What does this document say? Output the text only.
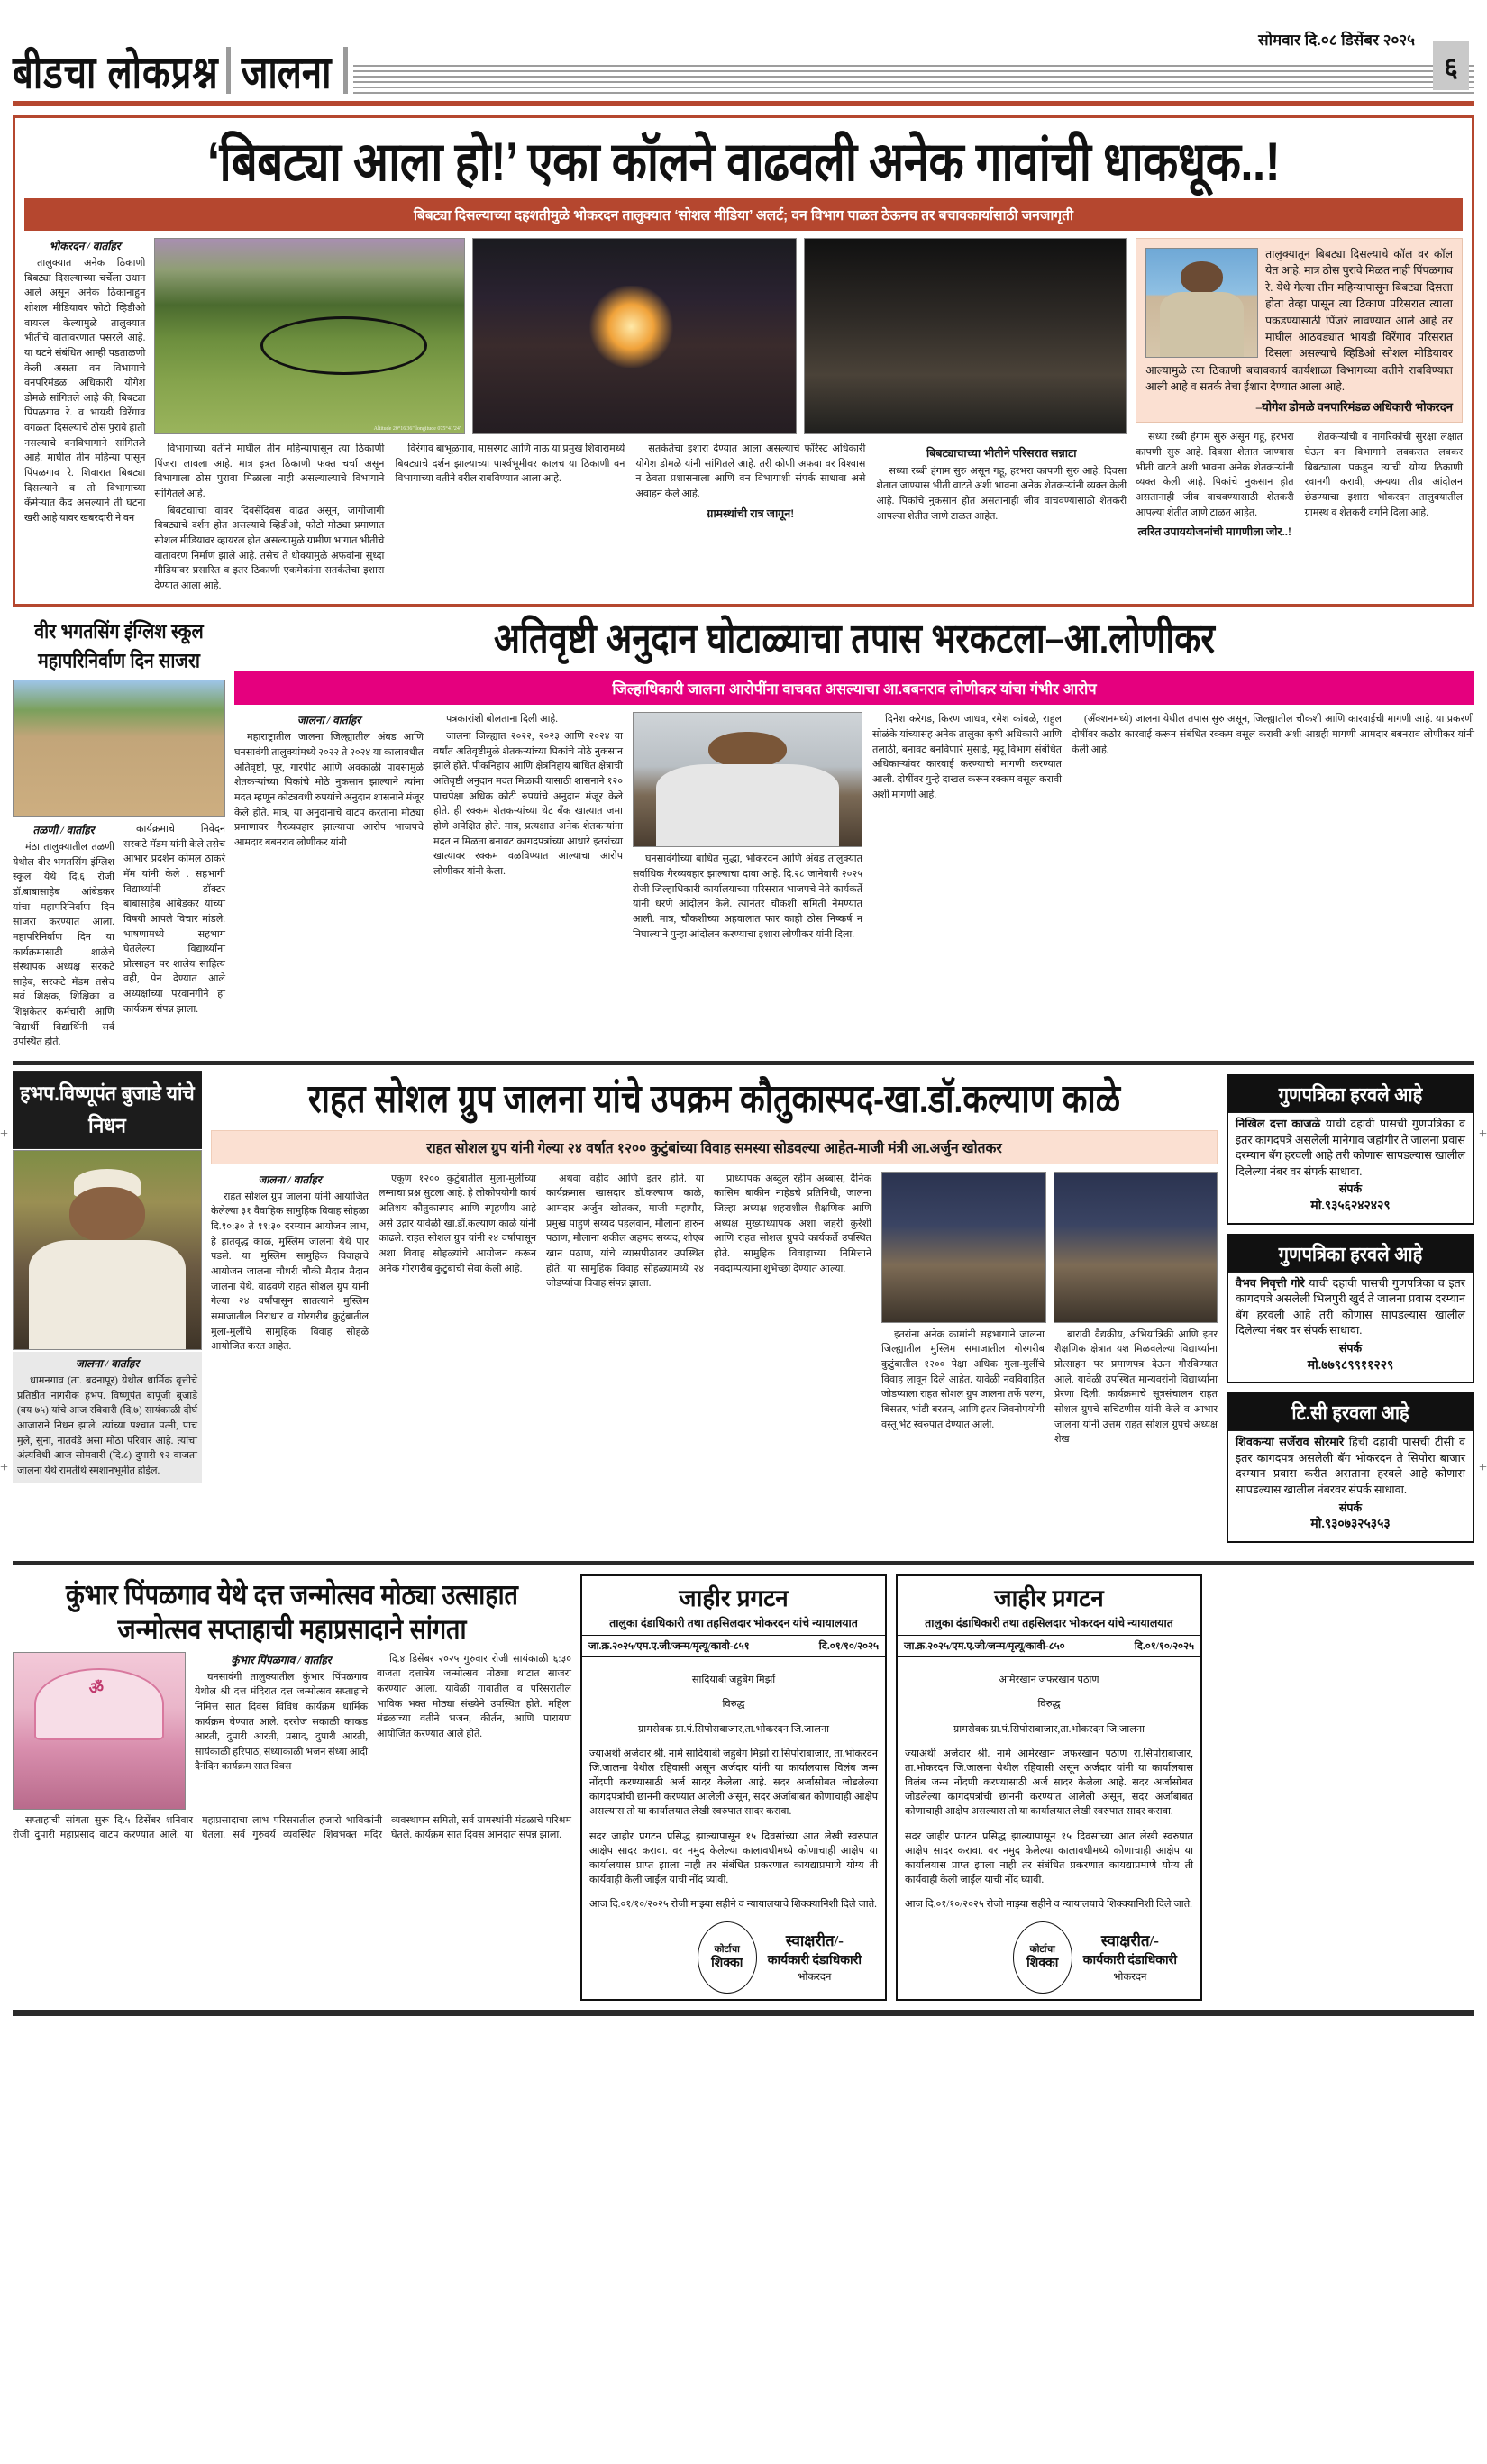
बीडचा लोकप्रश्न जालना
सोमवार दि.०८ डिसेंबर २०२५
६
‘बिबट्या आला हो!’ एका कॉलने वाढवली अनेक गावांची धाकधूक..!
बिबट्या दिसल्याच्या दहशतीमुळे भोकरदन तालुक्यात ‘सोशल मीडिया’ अलर्ट; वन विभाग पाळत ठेऊनच तर बचावकार्यासाठी जनजागृती
भोकरदन / वार्ताहर

तालुक्यात अनेक ठिकाणी बिबट्या दिसल्याच्या चर्चेला उधान आले असून अनेक ठिकानाहुन शोशल मीडियावर फोटो व्हिडीओ वायरल केल्यामुळे तालुक्यात भीतीचे वातावरणात पसरले आहे. या घटने संबंधित आम्ही पडताळणी केली असता वन विभागाचे वनपरिमंडळ अधिकारी योगेश डोमळे सांगितले आहे की, बिबट्या पिंपळगाव रे. व भायडी विरेंगाव वगळता दिसल्याचे ठोस पुरावे हाती नसल्याचे वनविभागाने सांगितले आहे. माघील तीन महिन्या पासून पिंपळगाव रे. शिवारात बिबट्या दिसल्याने व तो विभागाच्या कॅमेऱ्यात कैद असल्याने ती घटना खरी आहे यावर खबरदारी ने वन

Altitude 20°16'36" longitude 075°41'24"

विभागाच्या वतीने माघील तीन महिन्यापासून त्या ठिकाणी पिंजरा लावला आहे. मात्र इत्रत ठिकाणी फक्त चर्चा असून विभागाला ठोस पुरावा मिळाला नाही असल्याल्याचे विभागाने सांगितले आहे.

बिबटचााचा वावर दिवसेंदिवस वाढत असून, जागोजागी बिबट्याचे दर्शन होत असल्याचे व्हिडीओ, फोटो मोठ्या प्रमाणात सोशल मीडियावर व्हायरल होत असल्यामुळे ग्रामीण भागात भीतीचे वातावरण निर्माण झाले आहे. तसेच ते धोक्यामुळे अफवांना सुध्दा मीडियावर प्रसारित व इतर ठिकाणी एकमेकांना सतर्कतेचा इशारा देण्यात आला आहे.

विरंगाव बाभूळगाव, मासरगट आणि नाऊ या प्रमुख शिवारामध्ये बिबट्याचे दर्शन झाल्याच्या पार्श्वभूमीवर कालच या ठिकाणी वन विभागाच्या वतीने वरील राबविण्यात आला आहे.

सतर्कतेचा इशारा देण्यात आला असल्याचे फॉरेस्ट अधिकारी योगेश डोमळे यांनी सांगितले आहे. तरी कोणी अफवा वर विश्वास न ठेवता प्रशासनाला आणि वन विभागाशी संपर्क साधावा असे अवाहन केले आहे.

ग्रामस्थांची रात्र जागून!
बिबट्याचाच्या भीतीने परिसरात सन्नाटा

सध्या रब्बी हंगाम सुरु असून गहू, हरभरा कापणी सुरु आहे. दिवसा शेतात जाण्यास भीती वाटते अशी भावना अनेक शेतकऱ्यांनी व्यक्त केली आहे. पिकांचे नुकसान होत असतानाही जीव वाचवण्यासाठी शेतकरी आपल्या शेतीत जाणे टाळत आहेत.

तालुक्यातून बिबट्या दिसल्याचे कॉल वर कॉल येत आहे. मात्र ठोस पुरावे मिळत नाही पिंपळगाव रे. येथे गेल्या तीन महिन्यापासून बिबट्या दिसला होता तेव्हा पासून त्या ठिकाण परिसरात त्याला पकडण्यासाठी पिंजरे लावण्यात आले आहे तर माघील आठवड्यात भायडी विरेंगाव परिसरात दिसला असल्याचे व्हिडिओ सोशल मीडियावर आल्यामुळे त्या ठिकाणी बचावकार्य कार्यशाळा विभागच्या वतीने राबविण्यात आली आहे व सतर्क तेचा ईशारा देण्यात आला आहे.
–योगेश डोमळे वनपारिमंडळ अधिकारी भोकरदन

सध्या रब्बी हंगाम सुरु असून गहू, हरभरा कापणी सुरु आहे. दिवसा शेतात जाण्यास भीती वाटते अशी भावना अनेक शेतकऱ्यांनी व्यक्त केली आहे. पिकांचे नुकसान होत असतानाही जीव वाचवण्यासाठी शेतकरी आपल्या शेतीत जाणे टाळत आहेत.

त्वरित उपाययोजनांची मागणीला जोर..!

शेतकऱ्यांची व नागरिकांची सुरक्षा लक्षात घेऊन वन विभागाने लवकरात लवकर बिबट्याला पकडून त्याची योग्य ठिकाणी रवानगी करावी, अन्यथा तीव्र आंदोलन छेडण्याचा इशारा भोकरदन तालुक्यातील ग्रामस्थ व शेतकरी वर्गाने दिला आहे.

वीर भगतसिंग इंग्लिश स्कूल महापरिनिर्वाण दिन साजरा
तळणी / वार्ताहर

मंठा तालुक्यातील तळणी येथील वीर भगतसिंग इंग्लिश स्कूल येथे दि.६ रोजी डॉ.बाबासाहेब आंबेडकर यांचा महापरिनिर्वाण दिन साजरा करण्यात आला. महापरिनिर्वाण दिन या कार्यक्रमासाठी शाळेचे संस्थापक अध्यक्ष सरकटे साहेब, सरकटे मॅडम तसेच सर्व शिक्षक, शिक्षिका व शिक्षकेतर कर्मचारी आणि विद्यार्थी विद्यार्थिनी सर्व उपस्थित होते.

कार्यक्रमाचे निवेदन सरकटे मॅडम यांनी केले तसेच आभार प्रदर्शन कोमल ठाकरे मॅम यांनी केले . सहभागी विद्यार्थ्यांनी डॉक्टर बाबासाहेब आंबेडकर यांच्या विषयी आपले विचार मांडले. भाषणामध्ये सहभाग घेतलेल्या विद्यार्थ्यांना प्रोत्साहन पर शालेय साहित्य वही, पेन देण्यात आले अध्यक्षांच्या परवानगीने हा कार्यक्रम संपन्न झाला.

अतिवृष्टी अनुदान घोटाळ्याचा तपास भरकटला–आ.लोणीकर
जिल्हाधिकारी जालना आरोपींना वाचवत असल्याचा आ.बबनराव लोणीकर यांचा गंभीर आरोप
जालना / वार्ताहर

महाराष्ट्रातील जालना जिल्ह्यातील अंबड आणि घनसावंगी तालुक्यांमध्ये २०२२ ते २०२४ या कालावधीत अतिवृष्टी, पूर, गारपीट आणि अवकाळी पावसामुळे शेतकऱ्यांच्या पिकांचे मोठे नुकसान झाल्याने त्यांना मदत म्हणून कोट्यवधी रुपयांचे अनुदान शासनाने मंजूर केले होते. मात्र, या अनुदानाचे वाटप करताना मोठ्या प्रमाणावर गैरव्यवहार झाल्याचा आरोप भाजपचे आमदार बबनराव लोणीकर यांनी

पत्रकारांशी बोलताना दिली आहे.

जालना जिल्ह्यात २०२२, २०२३ आणि २०२४ या वर्षांत अतिवृष्टीमुळे शेतकऱ्यांच्या पिकांचे मोठे नुकसान झाले होते. पीकनिहाय आणि क्षेत्रनिहाय बाधित क्षेत्राची अतिवृष्टी अनुदान मदत मिळावी यासाठी शासनाने १२० पाचपेक्षा अधिक कोटी रुपयांचे अनुदान मंजूर केले होते. ही रक्कम शेतकऱ्यांच्या थेट बँक खात्यात जमा होणे अपेक्षित होते. मात्र, प्रत्यक्षात अनेक शेतकऱ्यांना मदत न मिळता बनावट कागदपत्रांच्या आधारे इतरांच्या खात्यावर रक्कम वळविण्यात आल्याचा आरोप लोणीकर यांनी केला.

घनसावंगीच्या बाधित सुद्धा, भोकरदन आणि अंबड तालुक्यात सर्वाधिक गैरव्यवहार झाल्याचा दावा आहे. दि.२८ जानेवारी २०२५ रोजी जिल्हाधिकारी कार्यालयाच्या परिसरात भाजपचे नेते कार्यकर्ते यांनी धरणे आंदोलन केले. त्यानंतर चौकशी समिती नेमण्यात आली. मात्र, चौकशीच्या अहवालात फार काही ठोस निष्कर्ष न निघाल्याने पुन्हा आंदोलन करण्याचा इशारा लोणीकर यांनी दिला.

दिनेश करेगड, किरण जाधव, रमेश कांबळे, राहुल सोळंके यांच्यासह अनेक तालुका कृषी अधिकारी आणि तलाठी, बनावट बनविणारे मुसाई, मृदू विभाग संबंधित अधिकाऱ्यांवर कारवाई करण्याची मागणी करण्यात आली. दोषींवर गुन्हे दाखल करून रक्कम वसूल करावी अशी मागणी आहे.

(अँक्शनमध्ये) जालना येथील तपास सुरु असून, जिल्ह्यातील चौकशी आणि कारवाईची मागणी आहे. या प्रकरणी दोषींवर कठोर कारवाई करून संबंधित रक्कम वसूल करावी अशी आग्रही मागणी आमदार बबनराव लोणीकर यांनी केली आहे.

हभप.विष्णूपंत बुजाडे यांचे निधन
जालना / वार्ताहर

धामनगाव (ता. बदनापूर) येथील धार्मिक वृत्तीचे प्रतिष्ठीत नागरीक हभप. विष्णूपंत बापूजी बुजाडे (वय ७५) यांचे आज रविवारी (दि.७) सायंकाळी दीर्घ आजाराने निधन झाले. त्यांच्या पश्चात पत्नी, पाच मुले, सुना, नातवंडे असा मोठा परिवार आहे. त्यांचा अंत्यविधी आज सोमवारी (दि.८) दुपारी १२ वाजता जालना येथे रामतीर्थ स्मशानभूमीत होईल.

राहत सोशल ग्रुप जालना यांचे उपक्रम कौतुकास्पद-खा.डॉ.कल्याण काळे
राहत सोशल ग्रुप यांनी गेल्या २४ वर्षात १२०० कुटुंबांच्या विवाह समस्या सोडवल्या आहेत-माजी मंत्री आ.अर्जुन खोतकर
जालना / वार्ताहर

राहत सोशल ग्रुप जालना यांनी आयोजित केलेल्या ३१ वैवाहिक सामुहिक विवाह सोहळा दि.१०:३० ते ११:३० दरम्यान आयोजन लाभ, हे हातवृद्ध काळ, मुस्लिम जालना येथे पार पडले. या मुस्लिम सामुहिक विवाहाचे आयोजन जालना चौधरी चौकी मैदान मैदान जालना येथे. वाढवणे राहत सोशल ग्रुप यांनी गेल्या २४ वर्षांपासून सातत्याने मुस्लिम समाजातील निराधार व गोरगरीब कुटुंबातील मुला-मुलींचे सामुहिक विवाह सोहळे आयोजित करत आहेत.

एकूण १२०० कुटुंबातील मुला-मुलींच्या लग्नाचा प्रश्न सुटला आहे. हे लोकोपयोगी कार्य अतिशय कौतुकास्पद आणि स्पृहणीय आहे असे उद्गार यावेळी खा.डॉ.कल्याण काळे यांनी काढले. राहत सोशल ग्रुप यांनी २४ वर्षापासून अशा विवाह सोहळ्यांचे आयोजन करून अनेक गोरगरीब कुटुंबांची सेवा केली आहे.

अथवा वहीद आणि इतर होते. या कार्यक्रमास खासदार डॉ.कल्याण काळे, आमदार अर्जुन खोतकर, माजी महापौर, प्रमुख पाहुणे सय्यद पहलवान, मौलाना हारुन पठाण, मौलाना शकील अहमद सय्यद, शोएब खान पठाण, यांचे व्यासपीठावर उपस्थित होते. या सामुहिक विवाह सोहळ्यामध्ये २४ जोडप्यांचा विवाह संपन्न झाला.

प्राध्यापक अब्दुल रहीम अब्बास, दैनिक कासिम बाकीन नाहेडचे प्रतिनिधी, जालना जिल्हा अध्यक्ष शहराशील शैक्षणिक आणि अध्यक्ष मुख्याध्यापक अशा जहरी कुरेशी आणि राहत सोशल ग्रुपचे कार्यकर्ते उपस्थित होते. सामुहिक विवाहाच्या निमित्ताने नवदाम्पत्यांना शुभेच्छा देण्यात आल्या.

इतरांना अनेक कामांनी सहभागाने जालना जिल्ह्यातील मुस्लिम समाजातील गोरगरीब कुटुंबातील १२०० पेक्षा अधिक मुला-मुलींचे विवाह लावून दिले आहेत. यावेळी नवविवाहित जोडप्याला राहत सोशल ग्रुप जालना तर्फे पलंग, बिसतर, भांडी बरतन, आणि इतर जिवनोपयोगी वस्तू भेट स्वरुपात देण्यात आली.

बारावी वैद्यकीय, अभियांत्रिकी आणि इतर शैक्षणिक क्षेत्रात यश मिळवलेल्या विद्यार्थ्यांना प्रोत्साहन पर प्रमाणपत्र देऊन गौरविण्यात आले. यावेळी उपस्थित मान्यवरांनी विद्यार्थ्यांना प्रेरणा दिली. कार्यक्रमाचे सूत्रसंचालन राहत सोशल ग्रुपचे सचिटणीस यांनी केले व आभार जालना यांनी उत्तम राहत सोशल ग्रुपचे अध्यक्ष शेख

गुणपत्रिका हरवले आहे
निखिल दत्ता काजळे याची दहावी पासची गुणपत्रिका व इतर कागदपत्रे असलेली मानेगाव जहांगीर ते जालना प्रवास दरम्यान बॅग हरवली आहे तरी कोणास सापडल्यास खालील दिलेल्या नंबर वर संपर्क साधावा.
संपर्क
मो.९३५६२४२४२९
गुणपत्रिका हरवले आहे
वैभव निवृत्ती गोरे याची दहावी पासची गुणपत्रिका व इतर कागदपत्रे असलेली भिलपुरी खुर्द ते जालना प्रवास दरम्यान बॅग हरवली आहे तरी कोणास सापडल्यास खालील दिलेल्या नंबर वर संपर्क साधावा.
संपर्क
मो.७७९८९९११२२९
टि.सी हरवला आहे
शिवकन्या सर्जेराव सोरमारे हिची दहावी पासची टीसी व इतर कागदपत्र असलेली बॅग भोकरदन ते सिपोरा बाजार दरम्यान प्रवास करीत असताना हरवले आहे कोणास सापडल्यास खालील नंबरवर संपर्क साधावा.
संपर्क
मो.९३०७३२५३५३
कुंभार पिंपळगाव येथे दत्त जन्मोत्सव मोठ्या उत्साहात
जन्मोत्सव सप्ताहाची महाप्रसादाने सांगता
ॐ
कुंभार पिंपळगाव / वार्ताहर

घनसावंगी तालुक्यातील कुंभार पिंपळगाव येथील श्री दत्त मंदिरात दत्त जन्मोत्सव सप्ताहाचे निमित्त सात दिवस विविध कार्यक्रम धार्मिक कार्यक्रम घेण्यात आले. दररोज सकाळी काकड आरती, दुपारी आरती, प्रसाद, दुपारी आरती, सायंकाळी हरिपाठ, संध्याकाळी भजन संध्या आदी दैनंदिन कार्यक्रम सात दिवस

दि.४ डिसेंबर २०२५ गुरुवार रोजी सायंकाळी ६:३० वाजता दत्तात्रेय जन्मोत्सव मोठ्या थाटात साजरा करण्यात आला. यावेळी गावातील व परिसरातील भाविक भक्त मोठ्या संख्येने उपस्थित होते. महिला मंडळाच्या वतीने भजन, कीर्तन, आणि पारायण आयोजित करण्यात आले होते.

सप्ताहाची सांगता सुरू दि.५ डिसेंबर शनिवार रोजी दुपारी महाप्रसाद वाटप करण्यात आले. या महाप्रसादाचा लाभ परिसरातील हजारो भाविकांनी घेतला. सर्व गुरुवर्य व्यवस्थित शिवभक्त मंदिर व्यवस्थापन समिती, सर्व ग्रामस्थांनी मंडळाचे परिश्रम घेतले. कार्यक्रम सात दिवस आनंदात संपन्न झाला.

जाहीर प्रगटन
तालुका दंडाधिकारी तथा तहसिलदार भोकरदन यांचे न्यायालयात
जा.क्र.२०२५/एम.ए.जी/जन्म/मृत्यू/कावी-८५१	दि.०१/१०/२०२५

सादियाबी जहुबेग मिर्झा

विरुद्ध

ग्रामसेवक ग्रा.पं.सिपोराबाजार,ता.भोकरदन जि.जालना

ज्याअर्थी अर्जदार श्री. नामे सादियाबी जहुबेग मिर्झा रा.सिपोराबाजार, ता.भोकरदन जि.जालना येथील रहिवासी असून अर्जदार यांनी या कार्यालयास विलंब जन्म नोंदणी करण्यासाठी अर्ज सादर केलेला आहे. सदर अर्जासोबत जोडलेल्या कागदपत्रांची छाननी करण्यात आलेली असून, सदर अर्जाबाबत कोणाचाही आक्षेप असल्यास तो या कार्यालयात लेखी स्वरुपात सादर करावा.

सदर जाहीर प्रगटन प्रसिद्ध झाल्यापासून १५ दिवसांच्या आत लेखी स्वरुपात आक्षेप सादर करावा. वर नमुद केलेल्या कालावधीमध्ये कोणाचाही आक्षेप या कार्यालयास प्राप्त झाला नाही तर संबंधित प्रकरणात कायद्याप्रमाणे योग्य ती कार्यवाही केली जाईल याची नोंद घ्यावी.

आज दि.०१/१०/२०२५ रोजी माझ्या सहीने व न्यायालयाचे शिक्क्यानिशी दिले जाते.

कोर्टाचा
शिक्का
स्वाक्षरीत/-
कार्यकारी दंडाधिकारी
भोकरदन
जाहीर प्रगटन
तालुका दंडाधिकारी तथा तहसिलदार भोकरदन यांचे न्यायालयात
जा.क्र.२०२५/एम.ए.जी/जन्म/मृत्यू/कावी-८५०	दि.०१/१०/२०२५

आमेरखान जफरखान पठाण

विरुद्ध

ग्रामसेवक ग्रा.पं.सिपोराबाजार,ता.भोकरदन जि.जालना

ज्याअर्थी अर्जदार श्री. नामे आमेरखान जफरखान पठाण रा.सिपोराबाजार, ता.भोकरदन जि.जालना येथील रहिवासी असून अर्जदार यांनी या कार्यालयास विलंब जन्म नोंदणी करण्यासाठी अर्ज सादर केलेला आहे. सदर अर्जासोबत जोडलेल्या कागदपत्रांची छाननी करण्यात आलेली असून, सदर अर्जाबाबत कोणाचाही आक्षेप असल्यास तो या कार्यालयात लेखी स्वरुपात सादर करावा.

सदर जाहीर प्रगटन प्रसिद्ध झाल्यापासून १५ दिवसांच्या आत लेखी स्वरुपात आक्षेप सादर करावा. वर नमुद केलेल्या कालावधीमध्ये कोणाचाही आक्षेप या कार्यालयास प्राप्त झाला नाही तर संबंधित प्रकरणात कायद्याप्रमाणे योग्य ती कार्यवाही केली जाईल याची नोंद घ्यावी.

आज दि.०१/१०/२०२५ रोजी माझ्या सहीने व न्यायालयाचे शिक्क्यानिशी दिले जाते.

कोर्टाचा
शिक्का
स्वाक्षरीत/-
कार्यकारी दंडाधिकारी
भोकरदन
+	+
+	+
